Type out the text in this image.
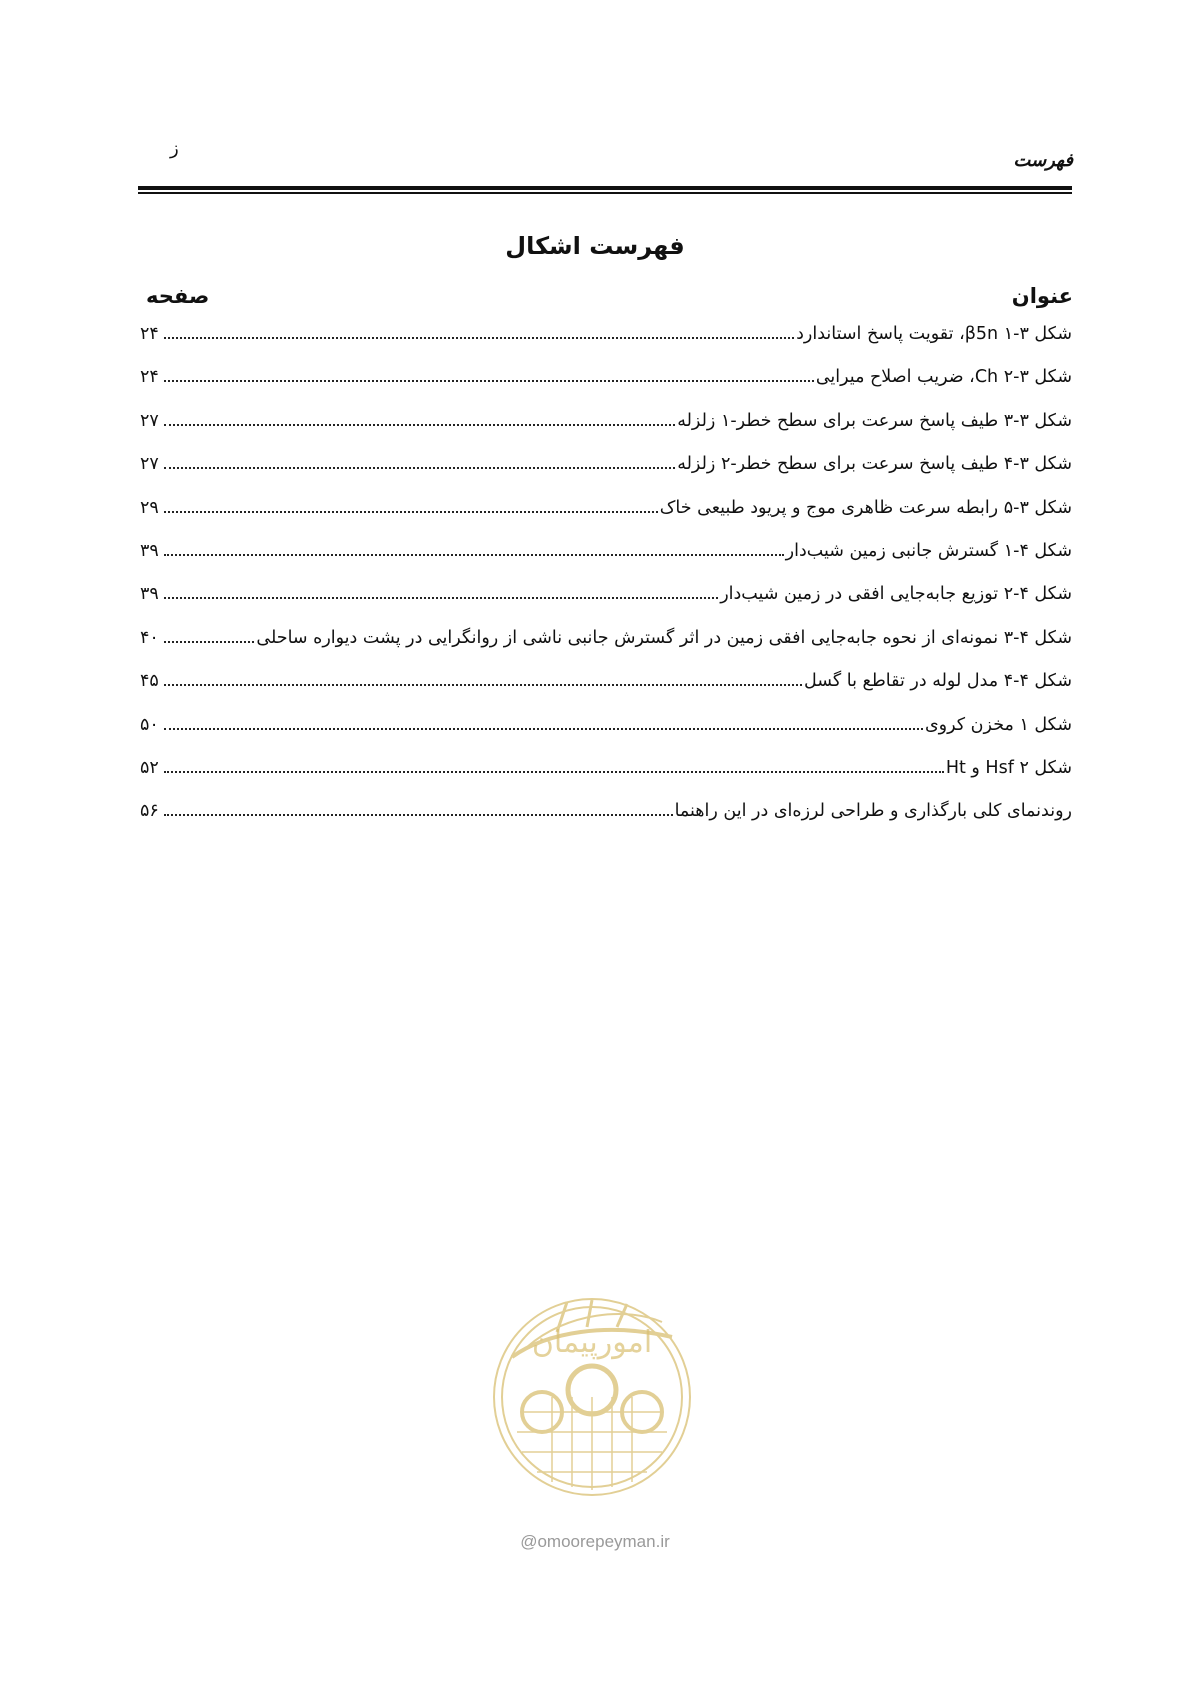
ز
فهرست
فهرست اشکال
عنوان
صفحه
شکل ۳-۱ β5n، تقویت پاسخ استاندارد
۲۴
شکل ۳-۲ Ch، ضریب اصلاح میرایی
۲۴
شکل ۳-۳ طیف پاسخ سرعت برای سطح خطر-۱ زلزله
۲۷
شکل ۳-۴ طیف پاسخ سرعت برای سطح خطر-۲ زلزله
۲۷
شکل ۳-۵ رابطه سرعت ظاهری موج و پریود طبیعی خاک
۲۹
شکل ۴-۱ گسترش جانبی زمین شیب‌دار
۳۹
شکل ۴-۲ توزیع جابه‌جایی افقی در زمین شیب‌دار
۳۹
شکل ۴-۳ نمونه‌ای از نحوه جابه‌جایی افقی زمین در اثر گسترش جانبی ناشی از روانگرایی در پشت دیواره ساحلی
۴۰
شکل ۴-۴ مدل لوله در تقاطع با گسل
۴۵
شکل ۱ مخزن کروی
۵۰
شکل ۲ Hsf و Ht
۵۲
روندنمای کلی بارگذاری و طراحی لرزه‌ای در این راهنما
۵۶
امورپیمان
@omoorepeyman.ir
